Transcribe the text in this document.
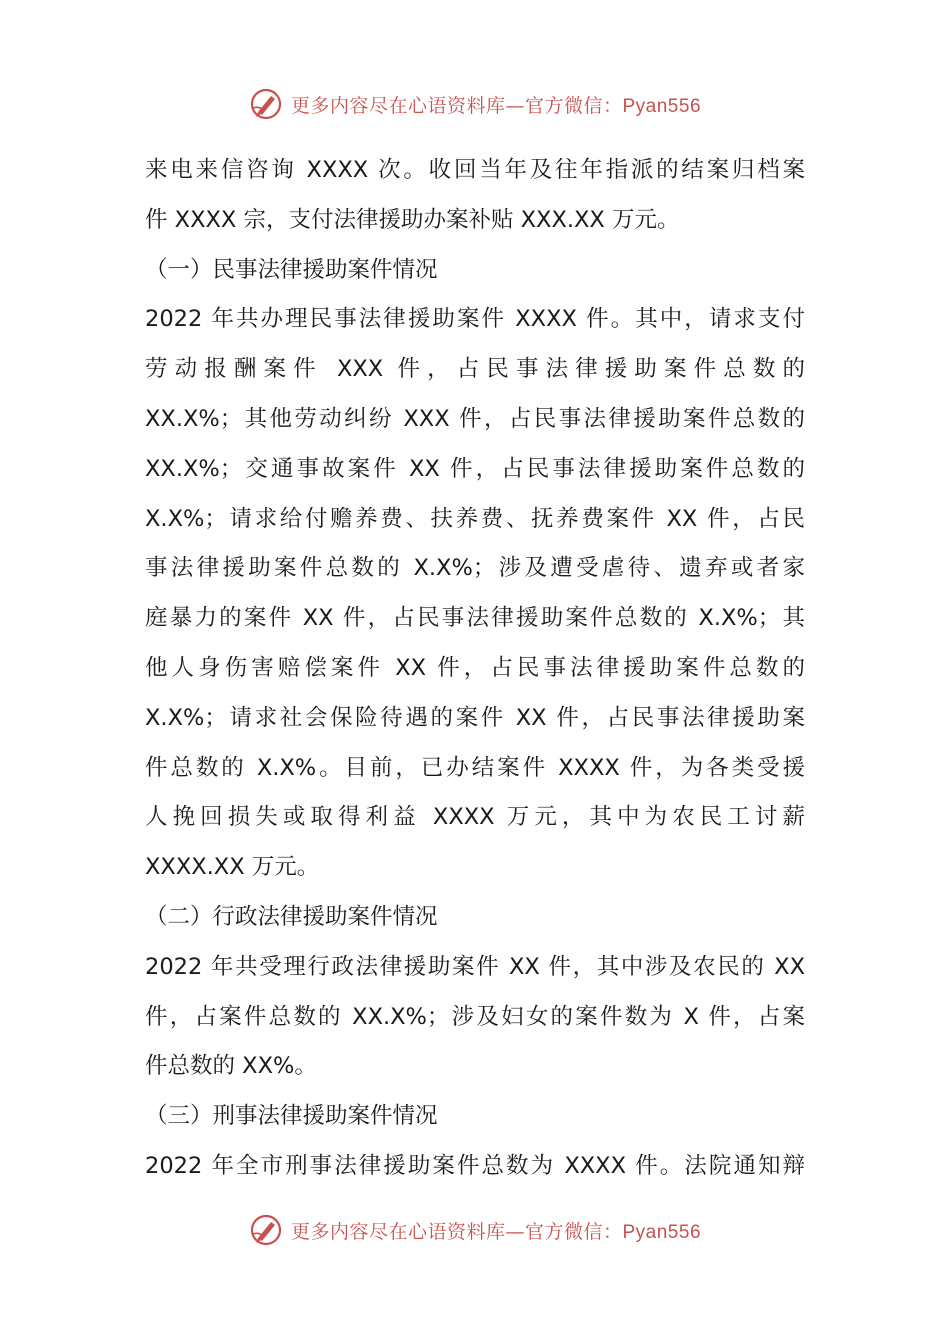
更多内容尽在心语资料库—官方微信：Pyan556
来电来信咨询 XXXX 次。收回当年及往年指派的结案归档案
件 XXXX 宗，支付法律援助办案补贴 XXX.XX 万元。
（一）民事法律援助案件情况
2022 年共办理民事法律援助案件 XXXX 件。其中，请求支付
劳动报酬案件 XXX 件，占民事法律援助案件总数的
XX.X%；其他劳动纠纷 XXX 件，占民事法律援助案件总数的
XX.X%；交通事故案件 XX 件，占民事法律援助案件总数的
X.X%；请求给付赡养费、扶养费、抚养费案件 XX 件，占民
事法律援助案件总数的 X.X%；涉及遭受虐待、遗弃或者家
庭暴力的案件 XX 件，占民事法律援助案件总数的 X.X%；其
他人身伤害赔偿案件 XX 件，占民事法律援助案件总数的
X.X%；请求社会保险待遇的案件 XX 件，占民事法律援助案
件总数的 X.X%。目前，已办结案件 XXXX 件，为各类受援
人挽回损失或取得利益 XXXX 万元，其中为农民工讨薪
XXXX.XX 万元。
（二）行政法律援助案件情况
2022 年共受理行政法律援助案件 XX 件，其中涉及农民的 XX
件，占案件总数的 XX.X%；涉及妇女的案件数为 X 件，占案
件总数的 XX%。
（三）刑事法律援助案件情况
2022 年全市刑事法律援助案件总数为 XXXX 件。法院通知辩
更多内容尽在心语资料库—官方微信：Pyan556
